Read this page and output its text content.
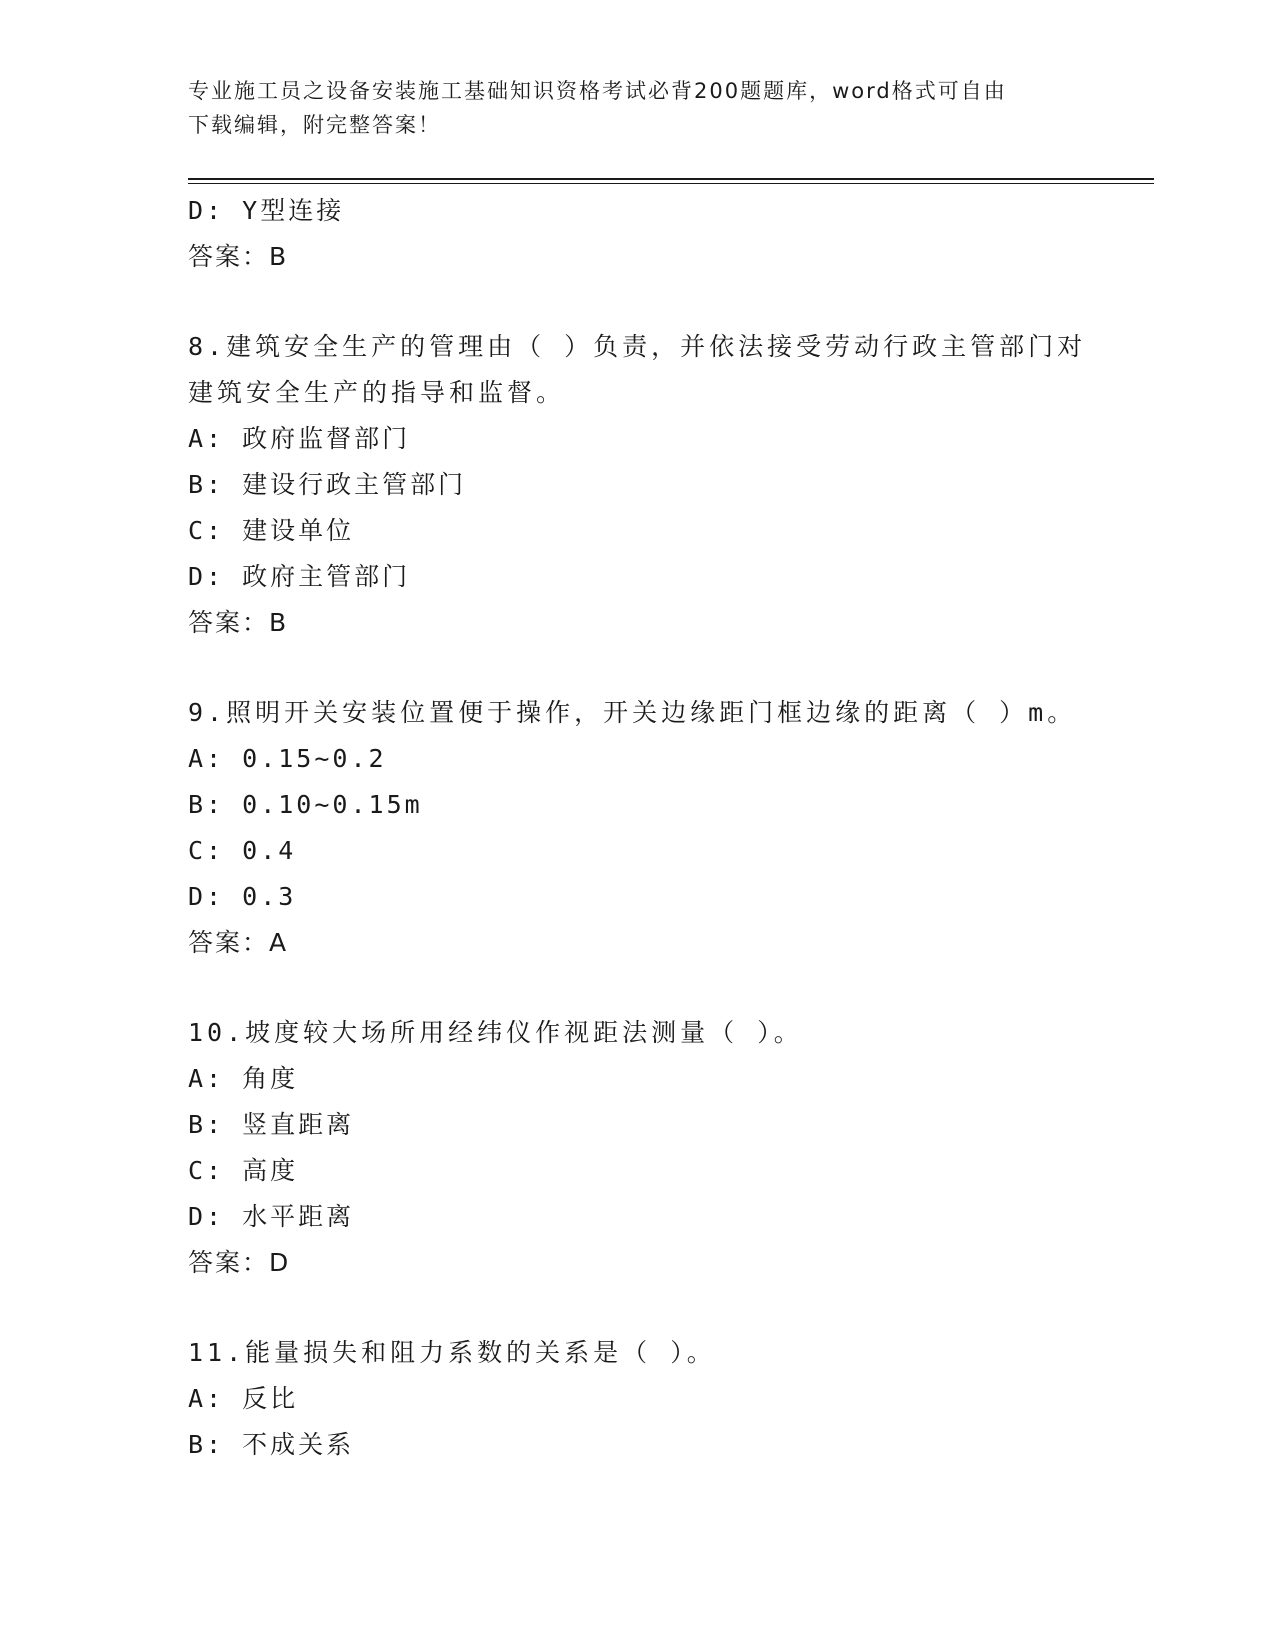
专业施工员之设备安装施工基础知识资格考试必背200题题库，word格式可自由
下载编辑，附完整答案！
D: Y型连接
答案：B
8.建筑安全生产的管理由（ ）负责，并依法接受劳动行政主管部门对
建筑安全生产的指导和监督。
A: 政府监督部门
B: 建设行政主管部门
C: 建设单位
D: 政府主管部门
答案：B
9.照明开关安装位置便于操作，开关边缘距门框边缘的距离（ ）m。
A: 0.15~0.2
B: 0.10~0.15m
C: 0.4
D: 0.3
答案：A
10.坡度较大场所用经纬仪作视距法测量（ ）。
A: 角度
B: 竖直距离
C: 高度
D: 水平距离
答案：D
11.能量损失和阻力系数的关系是（ ）。
A: 反比
B: 不成关系
